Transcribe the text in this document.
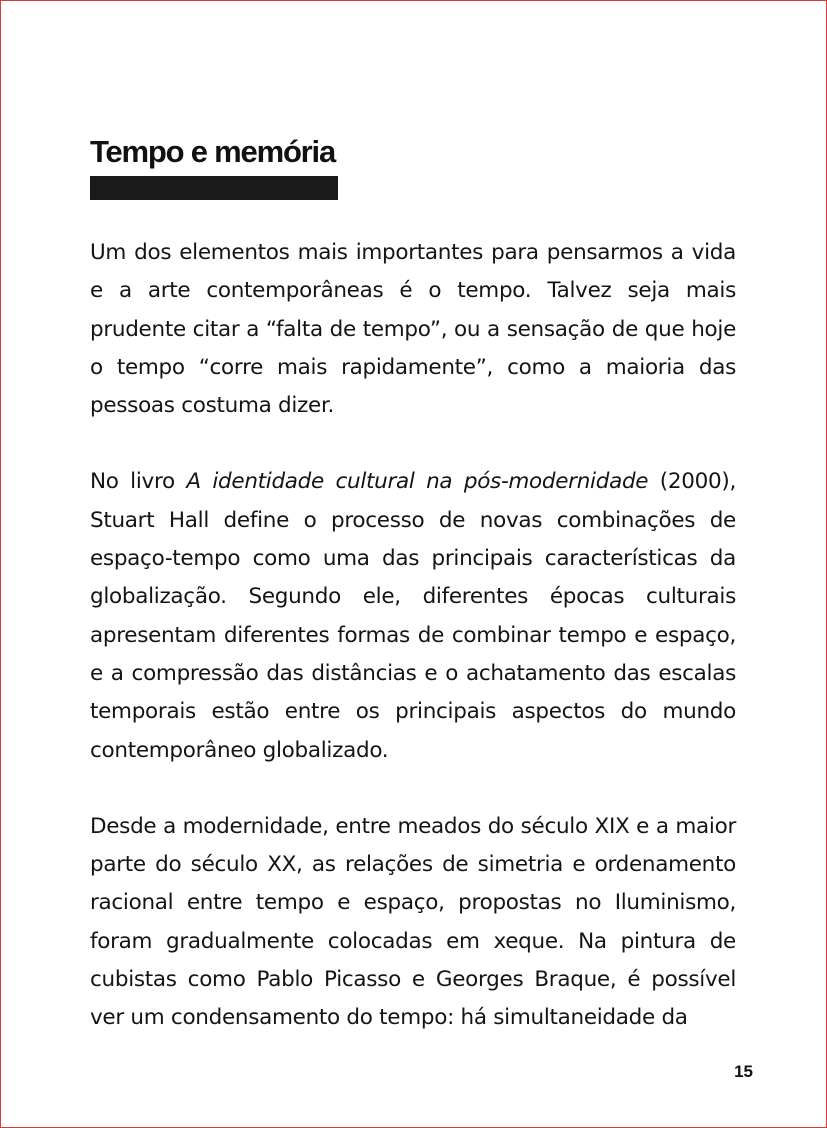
Tempo e memória

Um dos elementos mais importantes para pensarmos a vida e a arte contemporâneas é o tempo. Talvez seja mais prudente citar a “falta de tempo”, ou a sensação de que hoje o tempo “corre mais rapidamente”, como a maioria das pessoas costuma dizer.

No livro A identidade cultural na pós-modernidade (2000), Stuart Hall define o processo de novas combinações de espaço-tempo como uma das principais características da globalização. Segundo ele, diferentes épocas culturais apresentam diferentes formas de combinar tempo e espaço, e a compressão das distâncias e o achatamento das escalas temporais estão entre os principais aspectos do mundo contemporâneo globalizado.

Desde a modernidade, entre meados do século XIX e a maior parte do século XX, as relações de simetria e ordenamento racional entre tempo e espaço, propostas no Iluminismo, foram gradualmente colocadas em xeque. Na pintura de cubistas como Pablo Picasso e Georges Braque, é possível ver um condensamento do tempo: há simultaneidade da

15
